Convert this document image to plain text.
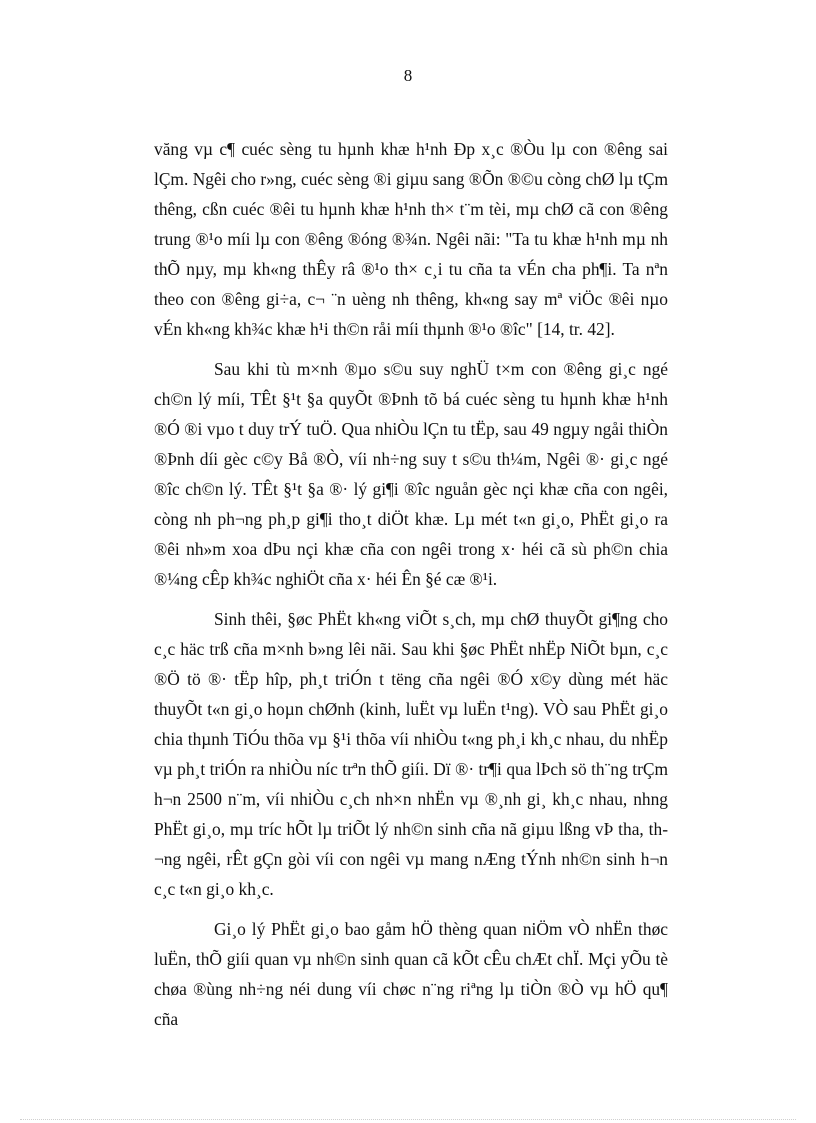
8

văng vµ c¶ cuéc sèng tu hµnh khæ h¹nh Ðp x¸c ®Òu lµ con ®êng sai lÇm. Ngêi cho r»ng, cuéc sèng ®i giµu sang ®Õn ®©u còng chØ lµ tÇm thêng, cßn cuéc ®êi tu hµnh khæ h¹nh th× t¨m tèi, mµ chØ cã con ®êng trung ®¹o míi lµ con ®êng ®óng ®¾n. Ngêi nãi: "Ta tu khæ h¹nh mµ nh thÕ nµy, mµ kh«ng thÊy râ ®¹o th× c¸i tu cña ta vÉn cha ph¶i. Ta nªn theo con ®êng gi÷a, c¬ ¨n uèng nh thêng, kh«ng say mª viÖc ®êi nµo vÉn kh«ng kh¾c khæ h¹i th©n råi míi thµnh ®¹o ®îc" [14, tr. 42].

Sau khi tù m×nh ®µo s©u suy nghÜ t×m con ®êng gi¸c ngé ch©n lý míi, TÊt §¹t §a quyÕt ®Þnh tõ bá cuéc sèng tu hµnh khæ h¹nh ®Ó ®i vµo t duy trÝ tuÖ. Qua nhiÒu lÇn tu tËp, sau 49 ngµy ngåi thiÒn ®Þnh díi gèc c©y Bå ®Ò, víi nh÷ng suy t s©u th¼m, Ngêi ®· gi¸c ngé ®îc ch©n lý. TÊt §¹t §a ®· lý gi¶i ®îc nguån gèc nçi khæ cña con ngêi, còng nh ph¬ng ph¸p gi¶i tho¸t diÖt khæ. Lµ mét t«n gi¸o, PhËt gi¸o ra ®êi nh»m xoa dÞu nçi khæ cña con ngêi trong x· héi cã sù ph©n chia ®¼ng cÊp kh¾c nghiÖt cña x· héi Ên §é cæ ®¹i.

Sinh thêi, §øc PhËt kh«ng viÕt s¸ch, mµ chØ thuyÕt gi¶ng cho c¸c häc trß cña m×nh b»ng lêi nãi. Sau khi §øc PhËt nhËp NiÕt bµn, c¸c ®Ö tö ®· tËp hîp, ph¸t triÓn t tëng cña ngêi ®Ó x©y dùng mét häc thuyÕt t«n gi¸o hoµn chØnh (kinh, luËt vµ luËn t¹ng). VÒ sau PhËt gi¸o chia thµnh TiÓu thõa vµ §¹i thõa víi nhiÒu t«ng ph¸i kh¸c nhau, du nhËp vµ ph¸t triÓn ra nhiÒu níc trªn thÕ giíi. Dï ®· tr¶i qua lÞch sö th¨ng trÇm h¬n 2500 n¨m, víi nhiÒu c¸ch nh×n nhËn vµ ®¸nh gi¸ kh¸c nhau, nhng PhËt gi¸o, mµ tríc hÕt lµ triÕt lý nh©n sinh cña nã giµu lßng vÞ tha, th¬ng ngêi, rÊt gÇn gòi víi con ngêi vµ mang nÆng tÝnh nh©n sinh h¬n c¸c t«n gi¸o kh¸c.

Gi¸o lý PhËt gi¸o bao gåm hÖ thèng quan niÖm vÒ nhËn thøc luËn, thÕ giíi quan vµ nh©n sinh quan cã kÕt cÊu chÆt chÏ. Mçi yÕu tè chøa ®ùng nh÷ng néi dung víi chøc n¨ng riªng lµ tiÒn ®Ò vµ hÖ qu¶ cña
